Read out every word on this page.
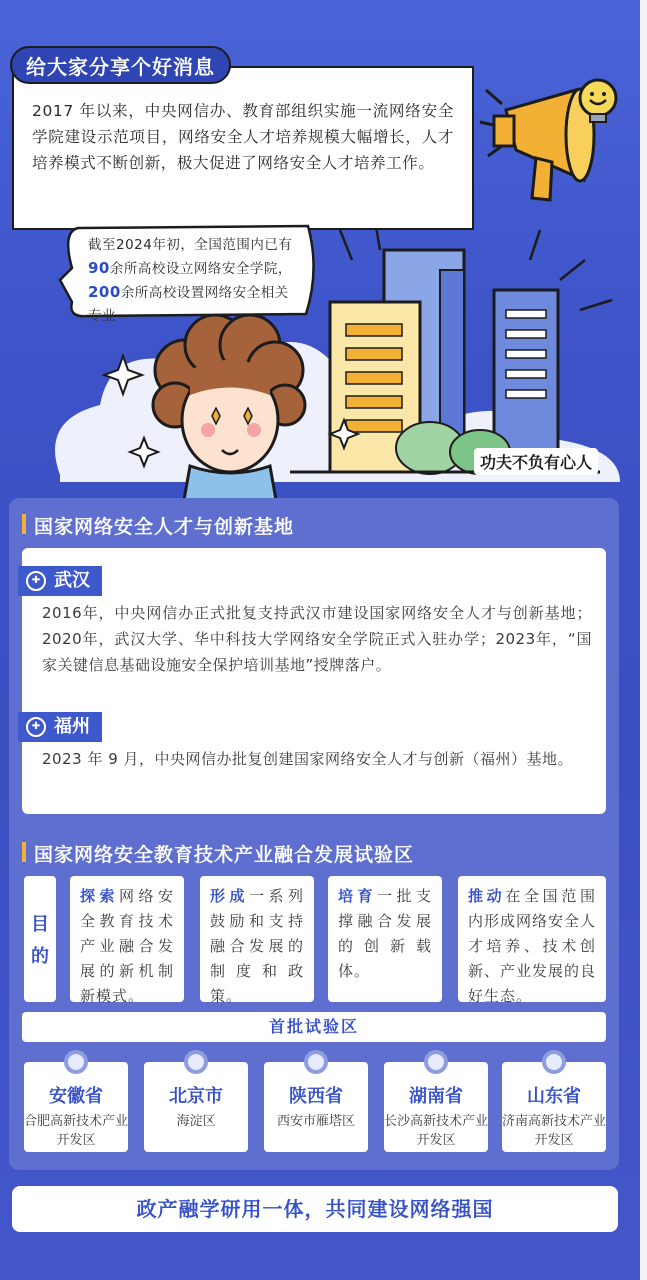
给大家分享个好消息
2017 年以来，中央网信办、教育部组织实施一流网络安全学院建设示范项目，网络安全人才培养规模大幅增长，人才培养模式不断创新，极大促进了网络安全人才培养工作。
截至2024年初，全国范围内已有90余所高校设立网络安全学院，200余所高校设置网络安全相关专业
功夫不负有心人
国家网络安全人才与创新基地
✚ 武汉
2016年，中央网信办正式批复支持武汉市建设国家网络安全人才与创新基地；2020年，武汉大学、华中科技大学网络安全学院正式入驻办学；2023年，“国家关键信息基础设施安全保护培训基地”授牌落户。
✚ 福州
2023 年 9 月，中央网信办批复创建国家网络安全人才与创新（福州）基地。
国家网络安全教育技术产业融合发展试验区
目
的
探索网络安全教育技术产业融合发展的新机制新模式。
形成一系列鼓励和支持融合发展的制度和政策。
培育一批支撑融合发展的创新载体。
推动在全国范围内形成网络安全人才培养、技术创新、产业发展的良好生态。
首批试验区
安徽省
合肥高新技术产业开发区
北京市
海淀区
陕西省
西安市雁塔区
湖南省
长沙高新技术产业开发区
山东省
济南高新技术产业开发区
政产融学研用一体，共同建设网络强国
